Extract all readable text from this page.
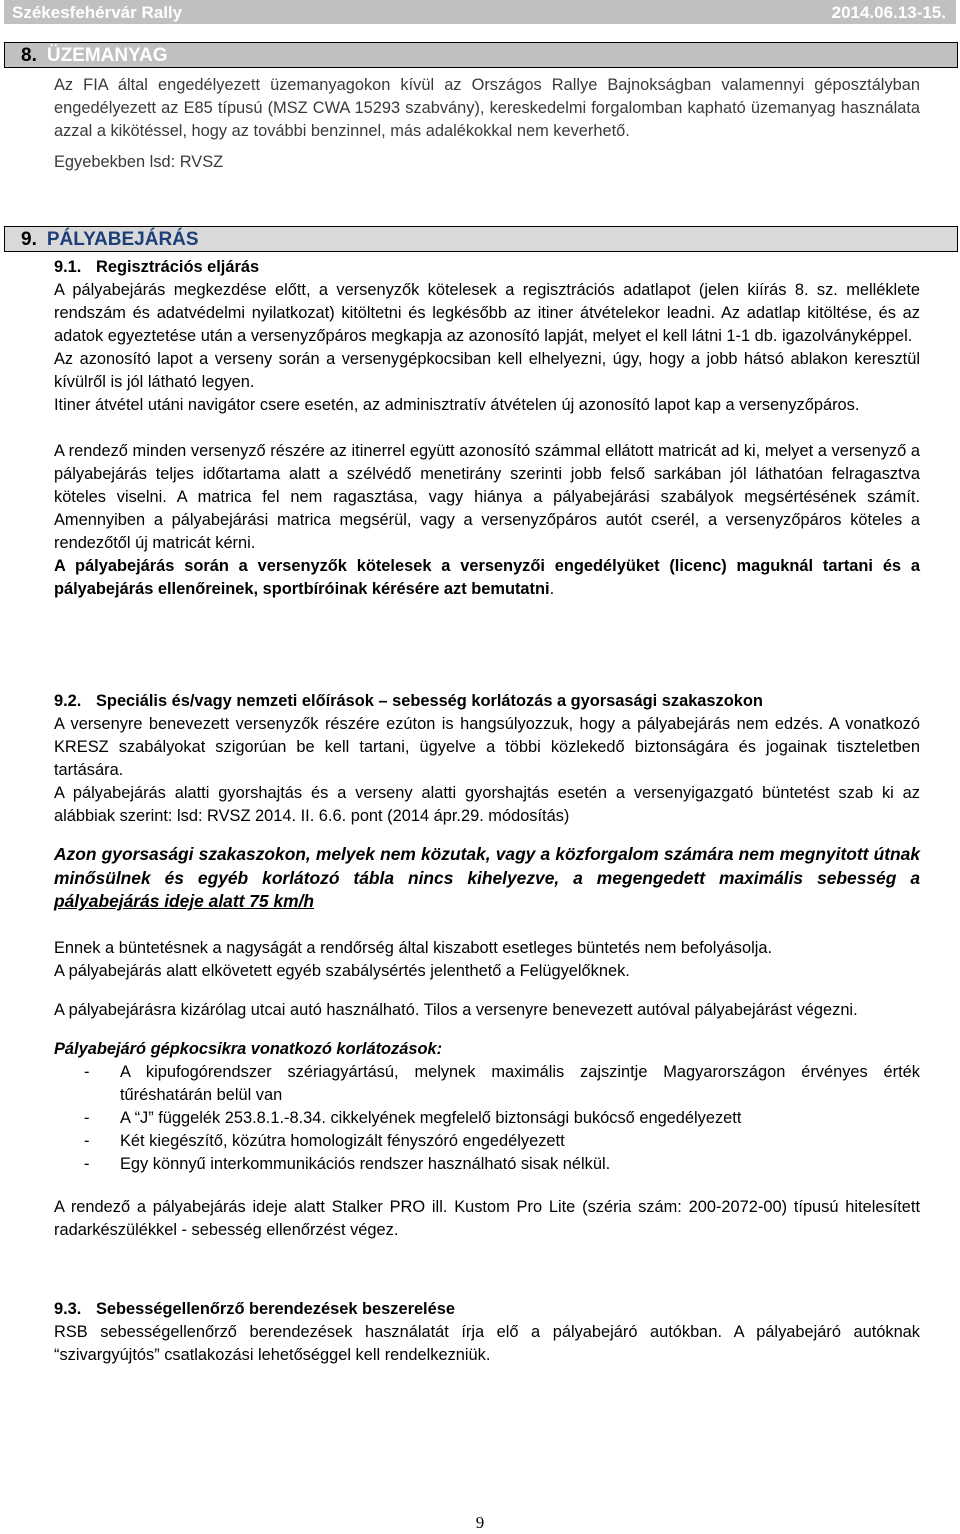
Székesfehérvár Rally	2014.06.13-15.
8. ÜZEMANYAG

Az FIA által engedélyezett üzemanyagokon kívül az Országos Rallye Bajnokságban valamennyi géposztályban engedélyezett az E85 típusú (MSZ CWA 15293 szabvány), kereskedelmi forgalomban kapható üzemanyag használata azzal a kikötéssel, hogy az további benzinnel, más adalékokkal nem keverhető.

Egyebekben lsd: RVSZ

9. PÁLYABEJÁRÁS

9.1. Regisztrációs eljárás

A pályabejárás megkezdése előtt, a versenyzők kötelesek a regisztrációs adatlapot (jelen kiírás 8. sz. melléklete rendszám és adatvédelmi nyilatkozat) kitöltetni és legkésőbb az itiner átvételekor leadni. Az adatlap kitöltése, és az adatok egyeztetése után a versenyzőpáros megkapja az azonosító lapját, melyet el kell látni 1-1 db. igazolványképpel.

Az azonosító lapot a verseny során a versenygépkocsiban kell elhelyezni, úgy, hogy a jobb hátsó ablakon keresztül kívülről is jól látható legyen.

Itiner átvétel utáni navigátor csere esetén, az adminisztratív átvételen új azonosító lapot kap a versenyzőpáros.

A rendező minden versenyző részére az itinerrel együtt azonosító számmal ellátott matricát ad ki, melyet a versenyző a pályabejárás teljes időtartama alatt a szélvédő menetirány szerinti jobb felső sarkában jól láthatóan felragasztva köteles viselni. A matrica fel nem ragasztása, vagy hiánya a pályabejárási szabályok megsértésének számít. Amennyiben a pályabejárási matrica megsérül, vagy a versenyzőpáros autót cserél, a versenyzőpáros köteles a rendezőtől új matricát kérni.

A pályabejárás során a versenyzők kötelesek a versenyzői engedélyüket (licenc) maguknál tartani és a pályabejárás ellenőreinek, sportbíróinak kérésére azt bemutatni.

9.2. Speciális és/vagy nemzeti előírások – sebesség korlátozás a gyorsasági szakaszokon

A versenyre benevezett versenyzők részére ezúton is hangsúlyozzuk, hogy a pályabejárás nem edzés. A vonatkozó KRESZ szabályokat szigorúan be kell tartani, ügyelve a többi közlekedő biztonságára és jogainak tiszteletben tartására.

A pályabejárás alatti gyorshajtás és a verseny alatti gyorshajtás esetén a versenyigazgató büntetést szab ki az alábbiak szerint: lsd: RVSZ 2014. II. 6.6. pont (2014 ápr.29. módosítás)

Azon gyorsasági szakaszokon, melyek nem közutak, vagy a közforgalom számára nem megnyitott útnak minősülnek és egyéb korlátozó tábla nincs kihelyezve, a megengedett maximális sebesség a pályabejárás ideje alatt 75 km/h

Ennek a büntetésnek a nagyságát a rendőrség által kiszabott esetleges büntetés nem befolyásolja.

A pályabejárás alatt elkövetett egyéb szabálysértés jelenthető a Felügyelőknek.

A pályabejárásra kizárólag utcai autó használható. Tilos a versenyre benevezett autóval pályabejárást végezni.

Pályabejáró gépkocsikra vonatkozó korlátozások:

- A kipufogórendszer szériagyártású, melynek maximális zajszintje Magyarországon érvényes érték tűréshatárán belül van
- A “J” függelék 253.8.1.-8.34. cikkelyének megfelelő biztonsági bukócső engedélyezett
- Két kiegészítő, közútra homologizált fényszóró engedélyezett
- Egy könnyű interkommunikációs rendszer használható sisak nélkül.

A rendező a pályabejárás ideje alatt Stalker PRO ill. Kustom Pro Lite (széria szám: 200-2072-00) típusú hitelesített radarkészülékkel - sebesség ellenőrzést végez.

9.3. Sebességellenőrző berendezések beszerelése

RSB sebességellenőrző berendezések használatát írja elő a pályabejáró autókban. A pályabejáró autóknak “szivargyújtós” csatlakozási lehetőséggel kell rendelkezniük.

9
